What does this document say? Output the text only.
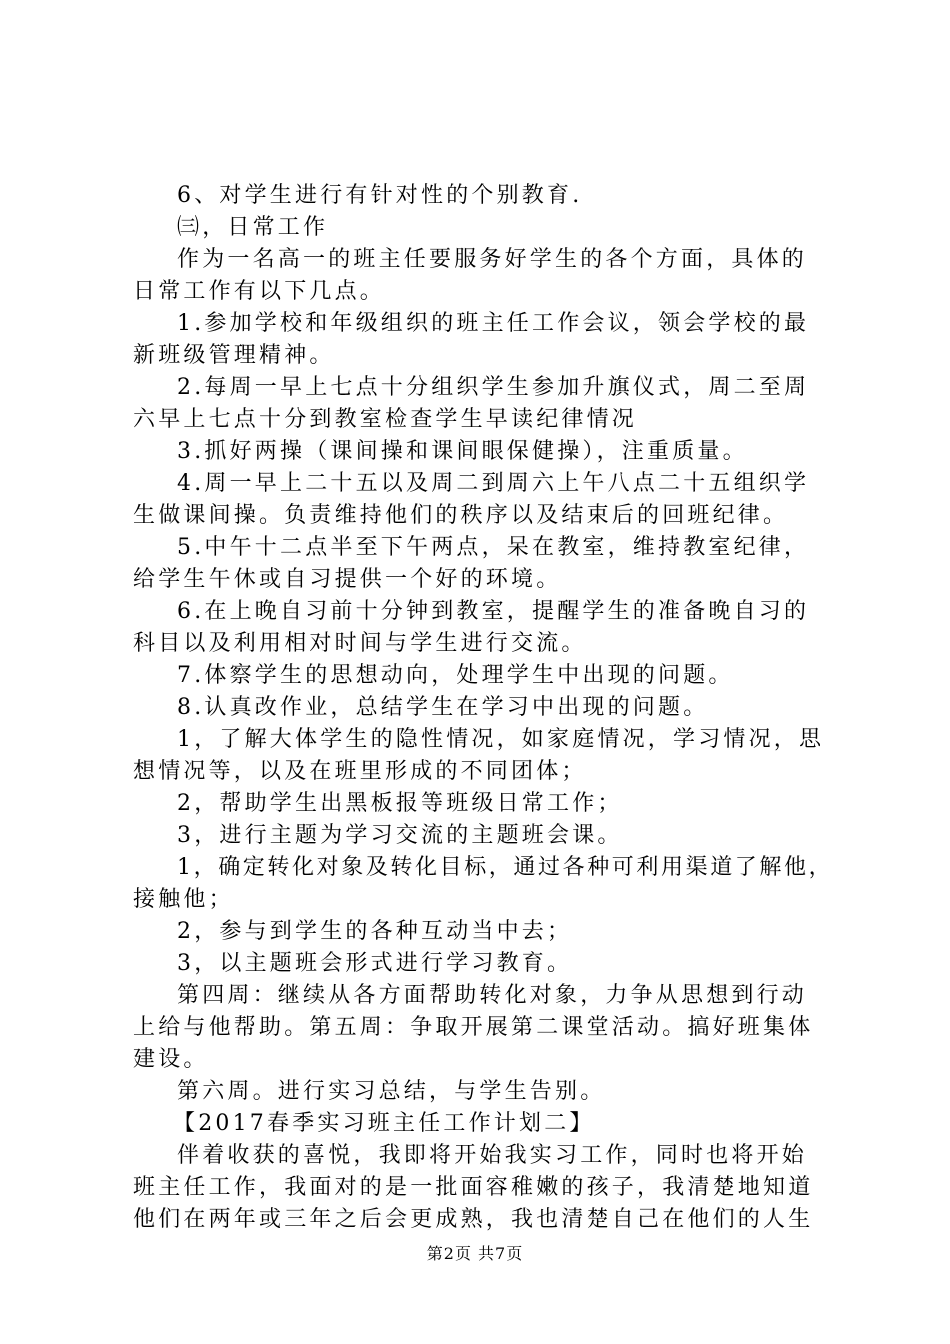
6、对学生进行有针对性的个别教育.
㈢，日常工作
作为一名高一的班主任要服务好学生的各个方面，具体的
日常工作有以下几点。
1.参加学校和年级组织的班主任工作会议，领会学校的最
新班级管理精神。
2.每周一早上七点十分组织学生参加升旗仪式，周二至周
六早上七点十分到教室检查学生早读纪律情况
3.抓好两操（课间操和课间眼保健操），注重质量。
4.周一早上二十五以及周二到周六上午八点二十五组织学
生做课间操。负责维持他们的秩序以及结束后的回班纪律。
5.中午十二点半至下午两点，呆在教室，维持教室纪律，
给学生午休或自习提供一个好的环境。
6.在上晚自习前十分钟到教室，提醒学生的准备晚自习的
科目以及利用相对时间与学生进行交流。
7.体察学生的思想动向，处理学生中出现的问题。
8.认真改作业，总结学生在学习中出现的问题。
1，了解大体学生的隐性情况，如家庭情况，学习情况，思
想情况等，以及在班里形成的不同团体；
2，帮助学生出黑板报等班级日常工作；
3，进行主题为学习交流的主题班会课。
1，确定转化对象及转化目标，通过各种可利用渠道了解他，
接触他；
2，参与到学生的各种互动当中去；
3，以主题班会形式进行学习教育。
第四周：继续从各方面帮助转化对象，力争从思想到行动
上给与他帮助。第五周：争取开展第二课堂活动。搞好班集体
建设。
第六周。进行实习总结，与学生告别。
【2017春季实习班主任工作计划二】
伴着收获的喜悦，我即将开始我实习工作，同时也将开始
班主任工作，我面对的是一批面容稚嫩的孩子，我清楚地知道
他们在两年或三年之后会更成熟，我也清楚自己在他们的人生
第2页 共7页
